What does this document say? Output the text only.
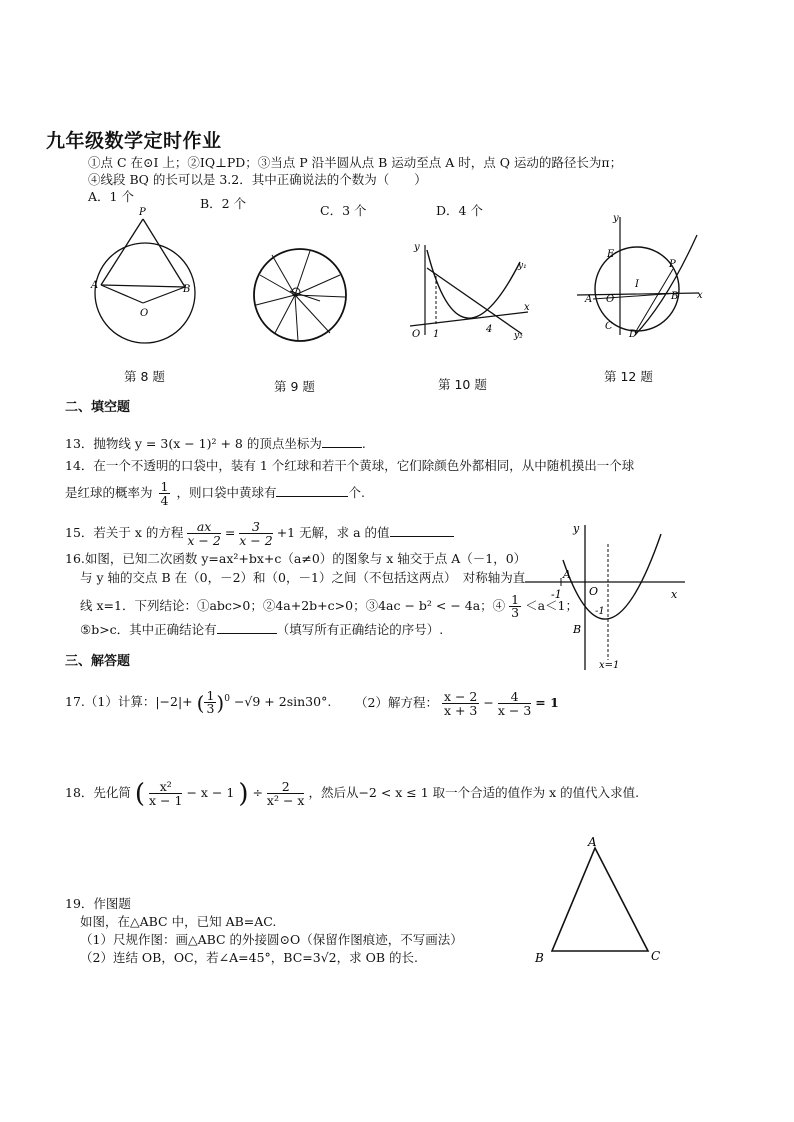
九年级数学定时作业
①点 C 在⊙I 上；②IQ⊥PD；③当点 P 沿半圆从点 B 运动至点 A 时，点 Q 运动的路径长为π；
④线段 BQ 的长可以是 3.2．其中正确说法的个数为（　　）
A．1 个	B．2 个	C．3 个	D．4 个
P
A	B
O
第 8 题
第 9 题
y
x
O 1	4
y₁
y₂
第 10 题
y
x
E
P
A O
I
B
C
D
第 12 题
二、填空题
13．抛物线 y = 3(x − 1)² + 8 的顶点坐标为	.
14．在一个不透明的口袋中，装有 1 个红球和若干个黄球，它们除颜色外都相同，从中随机摸出一个球
是红球的概率为 $\frac{1}{4}$ ，则口袋中黄球有	个.
15．若关于 x 的方程 $\frac{ax}{x - 2} = \frac{3}{x - 2} +1$ 无解，求 a 的值
16.如图，已知二次函数 y=ax²+bx+c（a≠0）的图象与 x 轴交于点 A（－1，0）
与 y 轴的交点 B 在（0，－2）和（0，－1）之间（不包括这两点）　对称轴为直
线 x=1．下列结论：①abc>0；②4a+2b+c>0；③4ac − b² < − 4a；④ $\frac{1}{3} <a<1$；
⑤b>c．其中正确结论有	（填写所有正确结论的序号）.
y
x
A
O
-1
-1
B
x=1
三、解答题
17.（1）计算：|−2|+ ( $\frac{1}{3} )^0 -√9 + 2\sin 30^\circ$. （2）解方程： $\frac{x - 2}{x + 3} - \frac{4}{x - 3} = 1$
18．先化简 ( $\frac{\text{x²}}{x - 1} - x - 1$ ) ÷ $\frac{2}{\text{x² − x}}$ ，然后从−2 < x ≤ 1 取一个合适的值作为 x 的值代入求值.
19．作图题
如图，在△ABC 中，已知 AB=AC.
（1）尺规作图：画△ABC 的外接圆⊙O（保留作图痕迹，不写画法）
（2）连结 OB，OC，若∠A=45°，BC=3√2，求 OB 的长.
A
B	C
